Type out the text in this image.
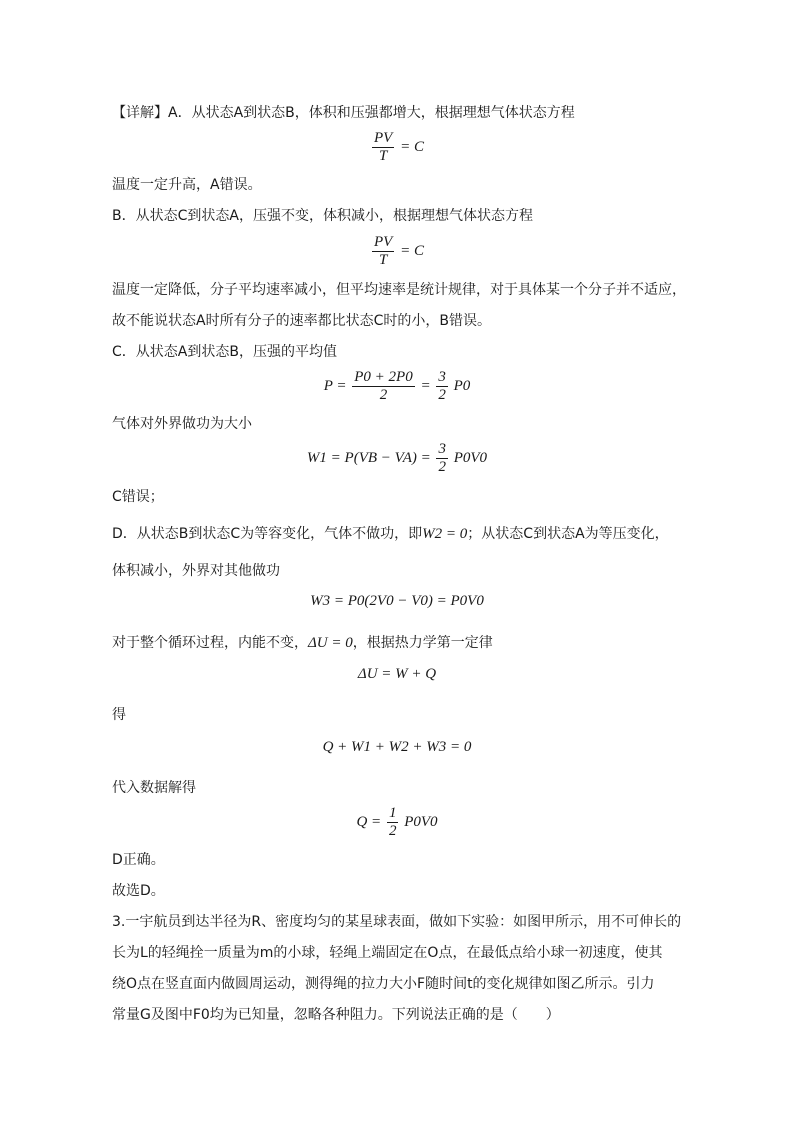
【详解】A．从状态A到状态B，体积和压强都增大，根据理想气体状态方程
$\frac{PV}{T} = C$
温度一定升高，A错误。
B．从状态C到状态A，压强不变，体积减小，根据理想气体状态方程
$\frac{PV}{T} = C$
温度一定降低，分子平均速率减小，但平均速率是统计规律，对于具体某一个分子并不适应，
故不能说状态A时所有分子的速率都比状态C时的小，B错误。
C．从状态A到状态B，压强的平均值
$P = \frac{P0 + 2P0}{2} = \frac{3}{2} P0$
气体对外界做功为大小
$W1 = P(VB - VA) = \frac{3}{2} P0V0$
C错误；
D．从状态B到状态C为等容变化，气体不做功，即W2 = 0；从状态C到状态A为等压变化，
体积减小，外界对其他做功
W3 = P0(2V0 − V0) = P0V0
对于整个循环过程，内能不变，ΔU = 0，根据热力学第一定律
ΔU = W + Q
得
Q + W1 + W2 + W3 = 0
代入数据解得
$Q = \frac{1}{2} P0V0$
D正确。
故选D。
3.一宇航员到达半径为R、密度均匀的某星球表面，做如下实验：如图甲所示，用不可伸长的
长为L的轻绳拴一质量为m的小球，轻绳上端固定在O点，在最低点给小球一初速度，使其
绕O点在竖直面内做圆周运动，测得绳的拉力大小F随时间t的变化规律如图乙所示。引力
常量G及图中F0均为已知量，忽略各种阻力。下列说法正确的是（　　）
